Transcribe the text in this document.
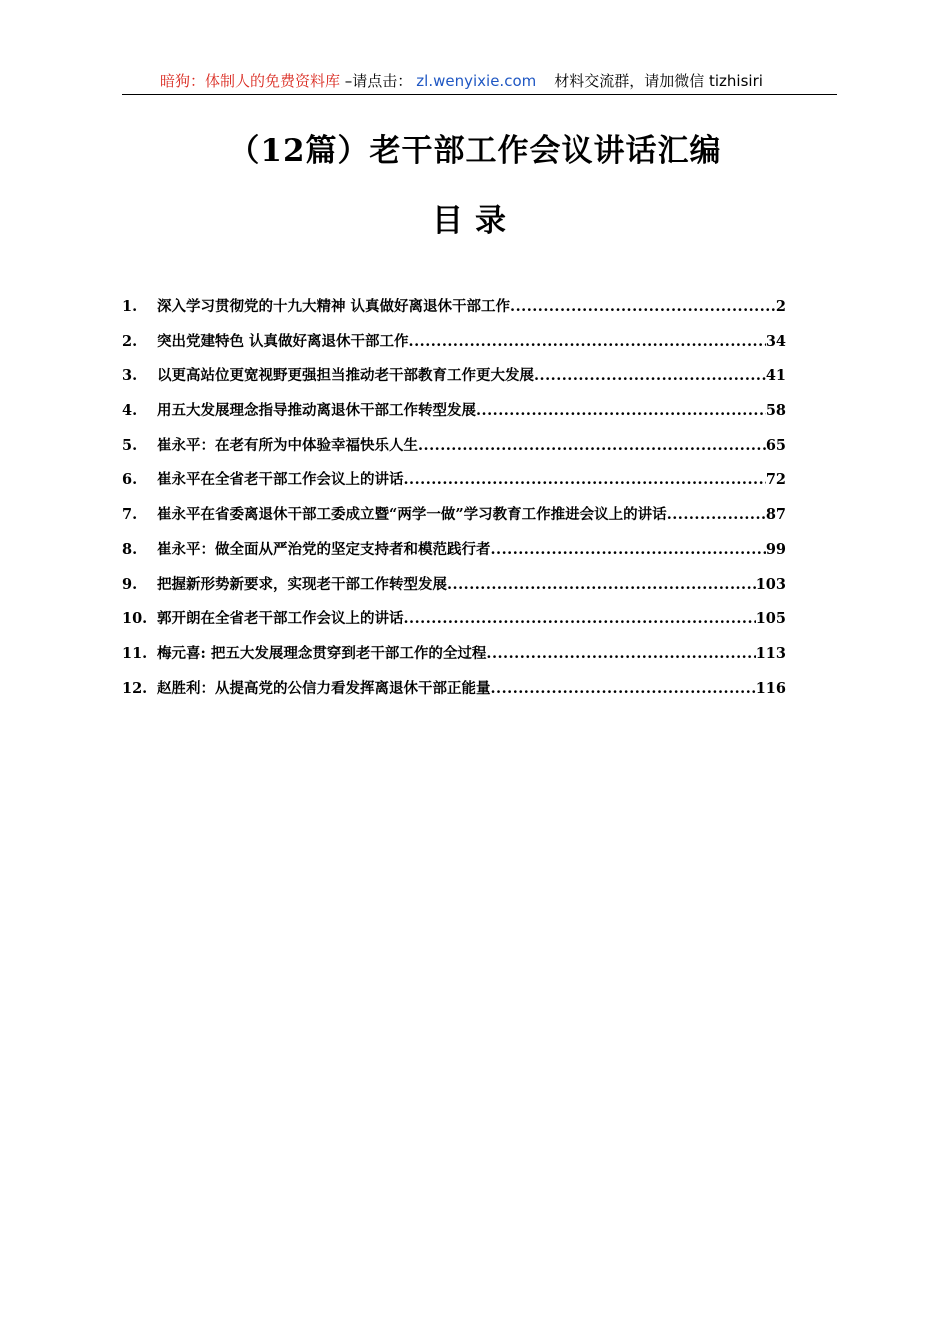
暗狗：体制人的免费资料库 –请点击： zl.wenyixie.com 材料交流群，请加微信 tizhisiri
（12篇）老干部工作会议讲话汇编
目录
1.	深入学习贯彻党的十九大精神 认真做好离退休干部工作 .....	2
2.	突出党建特色 认真做好离退休干部工作 .....	34
3.	以更高站位更宽视野更强担当推动老干部教育工作更大发展 .....	41
4.	用五大发展理念指导推动离退休干部工作转型发展 .....	58
5.	崔永平：在老有所为中体验幸福快乐人生 .....	65
6.	崔永平在全省老干部工作会议上的讲话 .....	72
7.	崔永平在省委离退休干部工委成立暨“两学一做”学习教育工作推进会议上的讲话 .....	87
8.	崔永平：做全面从严治党的坚定支持者和模范践行者 .....	99
9.	把握新形势新要求，实现老干部工作转型发展 .....	103
10. 郭开朗在全省老干部工作会议上的讲话 .....	105
11. 梅元喜: 把五大发展理念贯穿到老干部工作的全过程 .....	113
12. 赵胜利：从提高党的公信力看发挥离退休干部正能量 .....	116
